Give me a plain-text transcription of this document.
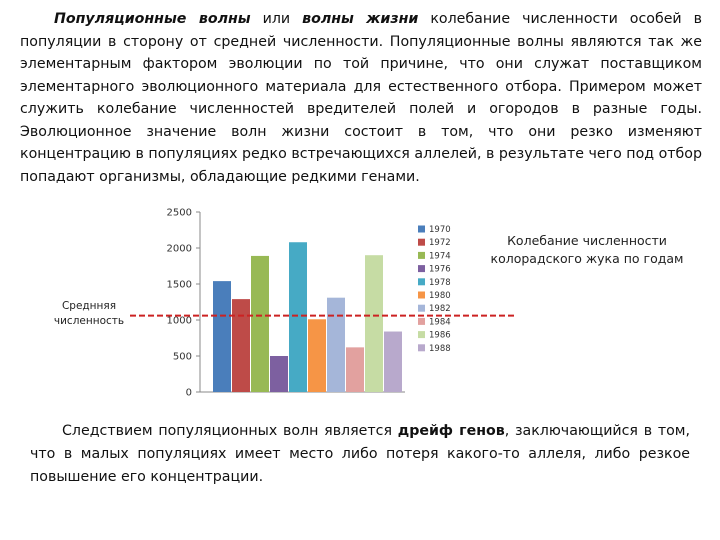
Популяционные волны или волны жизни колебание численности особей в популяции в сторону от средней численности. Популяционные волны являются так же элементарным фактором эволюции по той причине, что они служат поставщиком элементарного эволюционного материала для естественного отбора. Примером может служить колебание численностей вредителей полей и огородов в разные годы. Эволюционное значение волн жизни состоит в том, что они резко изменяют концентрацию в популяциях редко встречающихся аллелей, в результате чего под отбор попадают организмы, обладающие редкими генами.

0
500
1000
1500
2000
2500
1970
1972
1974
1976
1978
1980
1982
1984
1986
1988
Колебание численности колорадского жука по годам
Среднняя численность

Следствием популяционных волн является дрейф генов, заключающийся в том, что в малых популяциях имеет место либо потеря какого-то аллеля, либо резкое повышение его концентрации.
